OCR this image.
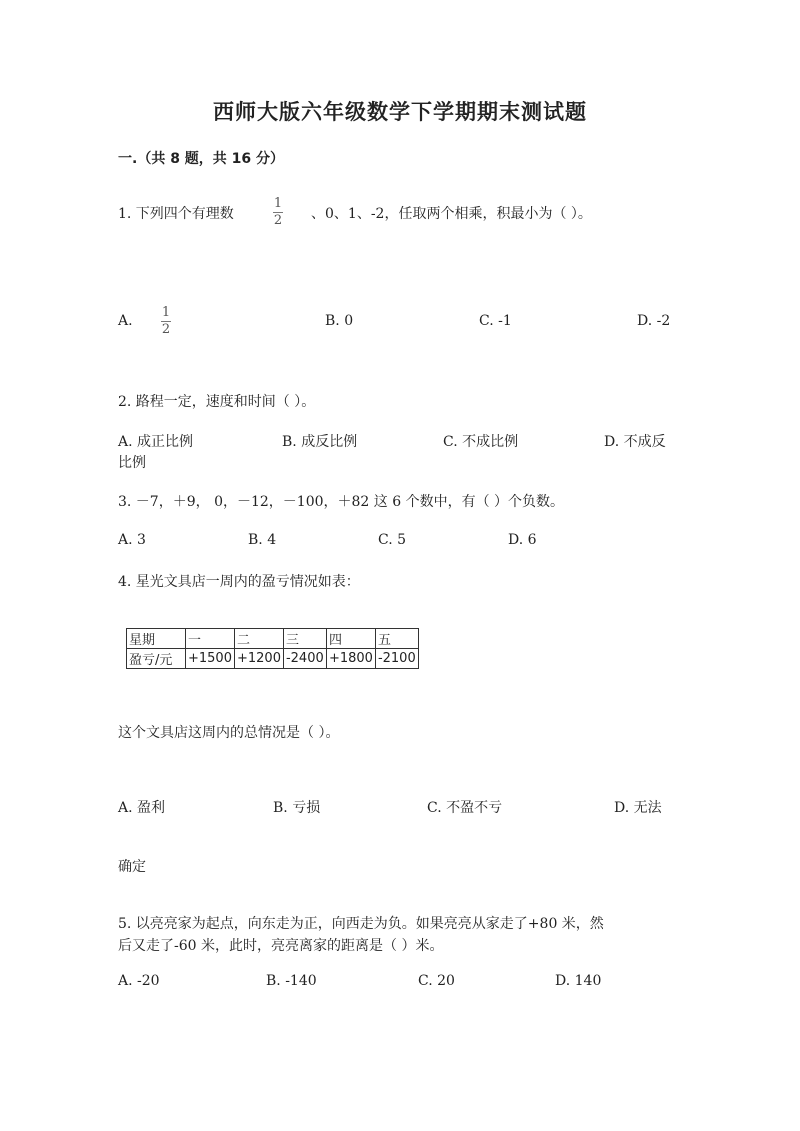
西师大版六年级数学下学期期末测试题
一.（共 8 题，共 16 分）
1. 下列四个有理数
1
2 、0、1、-2，任取两个相乘，积最小为（ ）。
A.
1
2
B. 0	C. -1	D. -2
2. 路程一定，速度和时间（ ）。
A. 成正比例	B. 成反比例	C. 不成比例	D. 不成反
比例
3. －7，＋9， 0，－12，－100，＋82 这 6 个数中，有（ ）个负数。
A. 3	B. 4	C. 5	D. 6
4. 星光文具店一周内的盈亏情况如表：
星期	一	二	三	四	五
盈亏/元	+1500	+1200	-2400	+1800	-2100
这个文具店这周内的总情况是（ ）。
A. 盈利	B. 亏损	C. 不盈不亏	D. 无法
确定
5. 以亮亮家为起点，向东走为正，向西走为负。如果亮亮从家走了+80 米，然
后又走了-60 米，此时，亮亮离家的距离是（ ）米。
A. -20	B. -140	C. 20	D. 140
